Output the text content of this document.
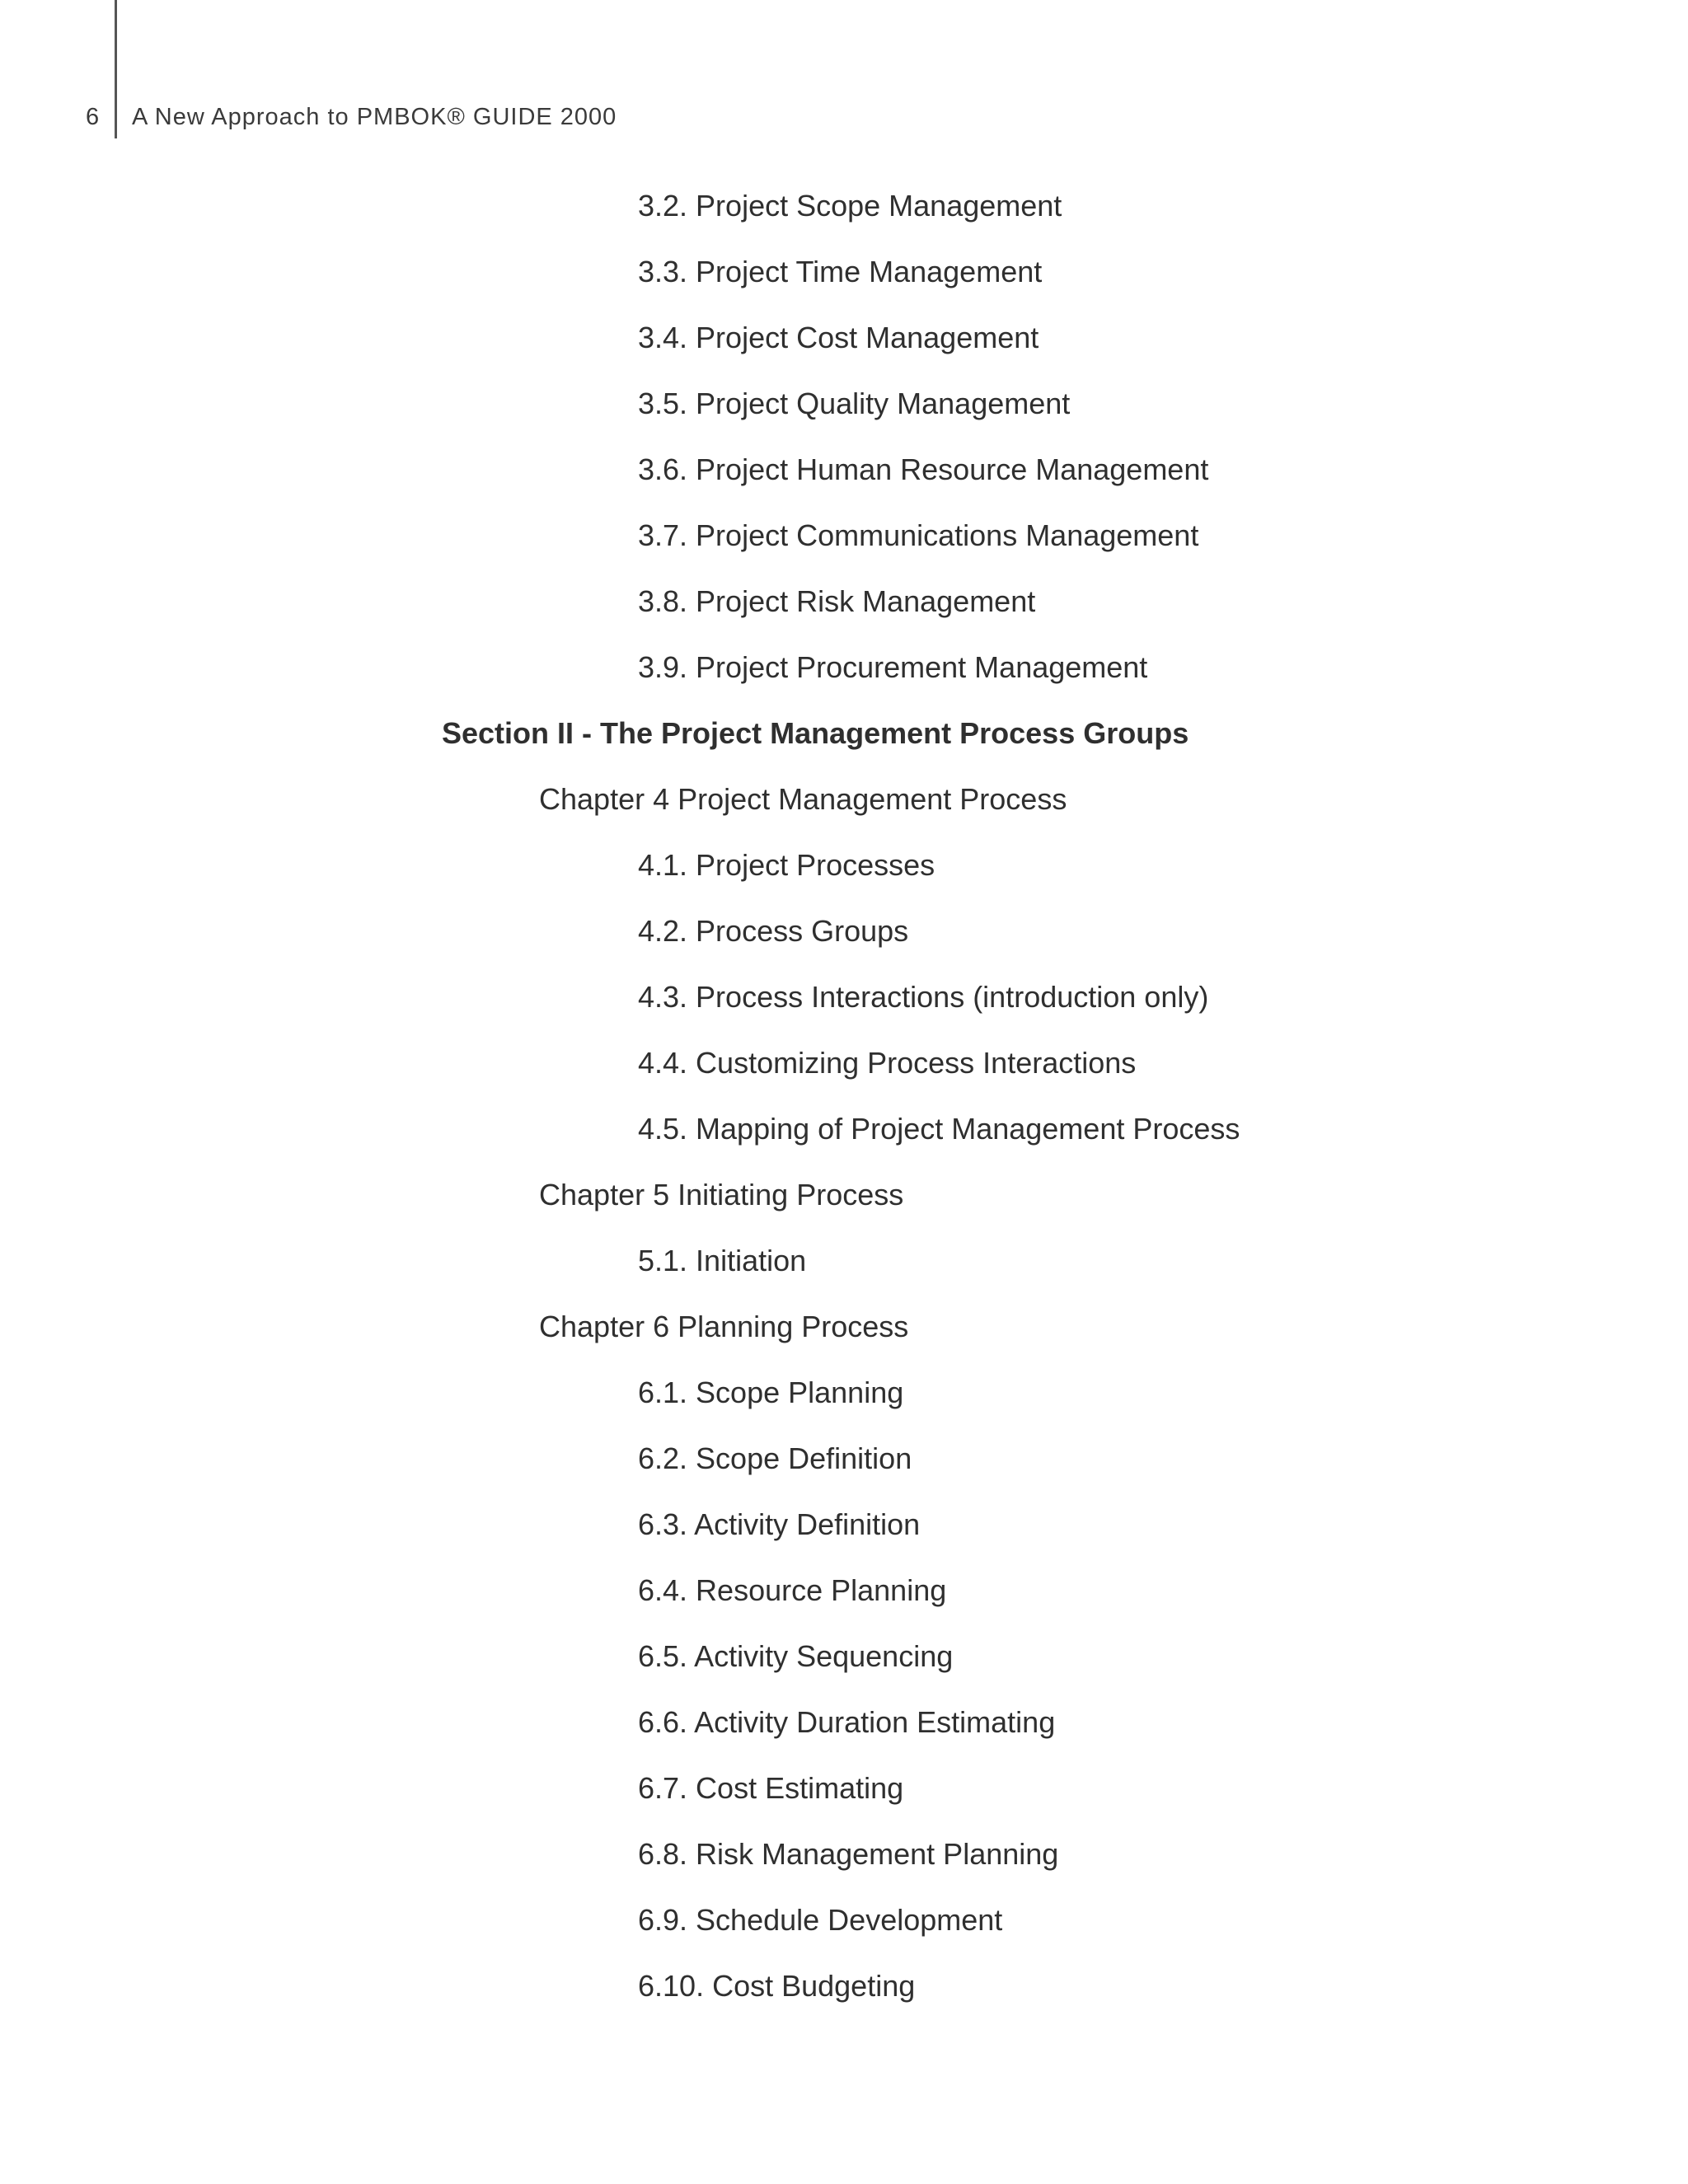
6 A New Approach to PMBOK® GUIDE 2000
3.2. Project Scope Management
3.3. Project Time Management
3.4. Project Cost Management
3.5. Project Quality Management
3.6. Project Human Resource Management
3.7. Project Communications Management
3.8. Project Risk Management
3.9. Project Procurement Management
Section II - The Project Management Process Groups
Chapter 4 Project Management Process
4.1. Project Processes
4.2. Process Groups
4.3. Process Interactions (introduction only)
4.4. Customizing Process Interactions
4.5. Mapping of Project Management Process
Chapter 5 Initiating Process
5.1. Initiation
Chapter 6 Planning Process
6.1. Scope Planning
6.2. Scope Definition
6.3. Activity Definition
6.4. Resource Planning
6.5. Activity Sequencing
6.6. Activity Duration Estimating
6.7. Cost Estimating
6.8. Risk Management Planning
6.9. Schedule Development
6.10. Cost Budgeting
